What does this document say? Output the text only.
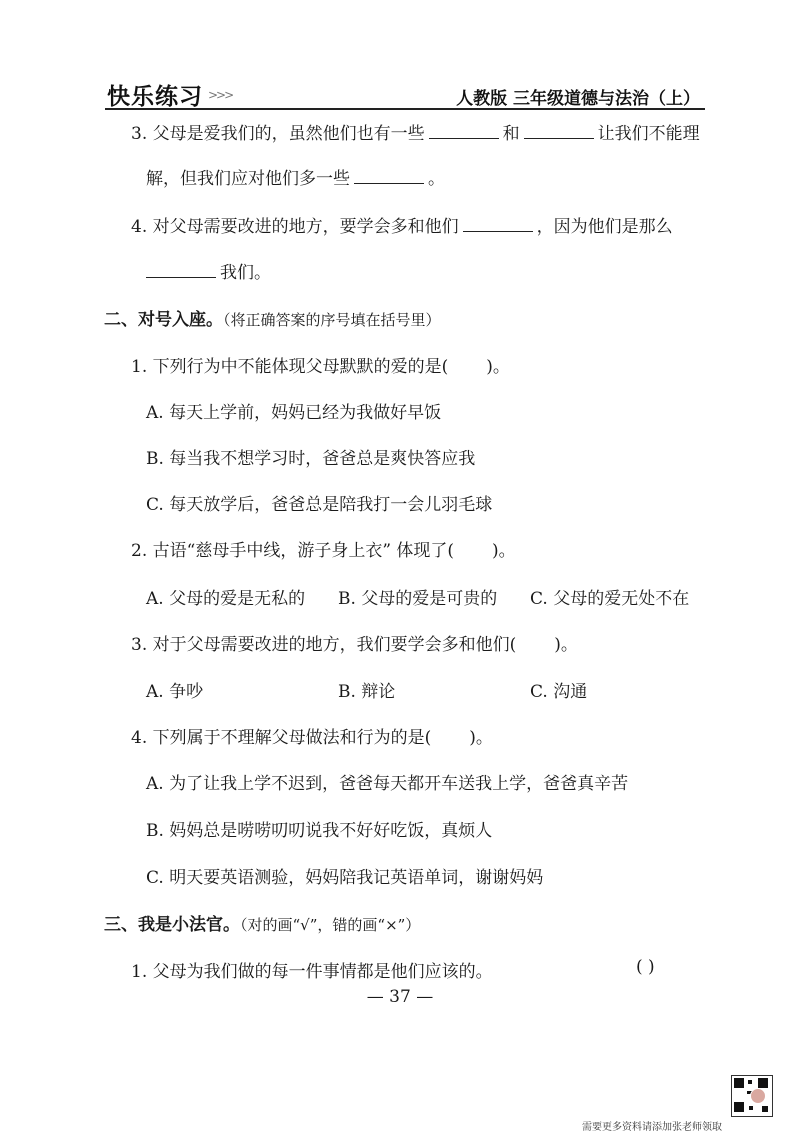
快乐练习 >>>	人教版 三年级道德与法治（上）
3. 父母是爱我们的，虽然他们也有一些	和	让我们不能理
解，但我们应对他们多一些	。
4. 对父母需要改进的地方，要学会多和他们	，因为他们是那么
我们。
二、对号入座。（将正确答案的序号填在括号里）
1. 下列行为中不能体现父母默默的爱的是( )。
A. 每天上学前，妈妈已经为我做好早饭
B. 每当我不想学习时，爸爸总是爽快答应我
C. 每天放学后，爸爸总是陪我打一会儿羽毛球
2. 古语“慈母手中线，游子身上衣” 体现了( )。
A. 父母的爱是无私的 B. 父母的爱是可贵的 C. 父母的爱无处不在
3. 对于父母需要改进的地方，我们要学会多和他们( )。
A. 争吵	B. 辩论	C. 沟通
4. 下列属于不理解父母做法和行为的是( )。
A. 为了让我上学不迟到，爸爸每天都开车送我上学，爸爸真辛苦
B. 妈妈总是唠唠叨叨说我不好好吃饭，真烦人
C. 明天要英语测验，妈妈陪我记英语单词，谢谢妈妈
三、我是小法官。（对的画“√”，错的画“×”）
1. 父母为我们做的每一件事情都是他们应该的。	( )
— 37 —
需要更多资料请添加张老师领取
